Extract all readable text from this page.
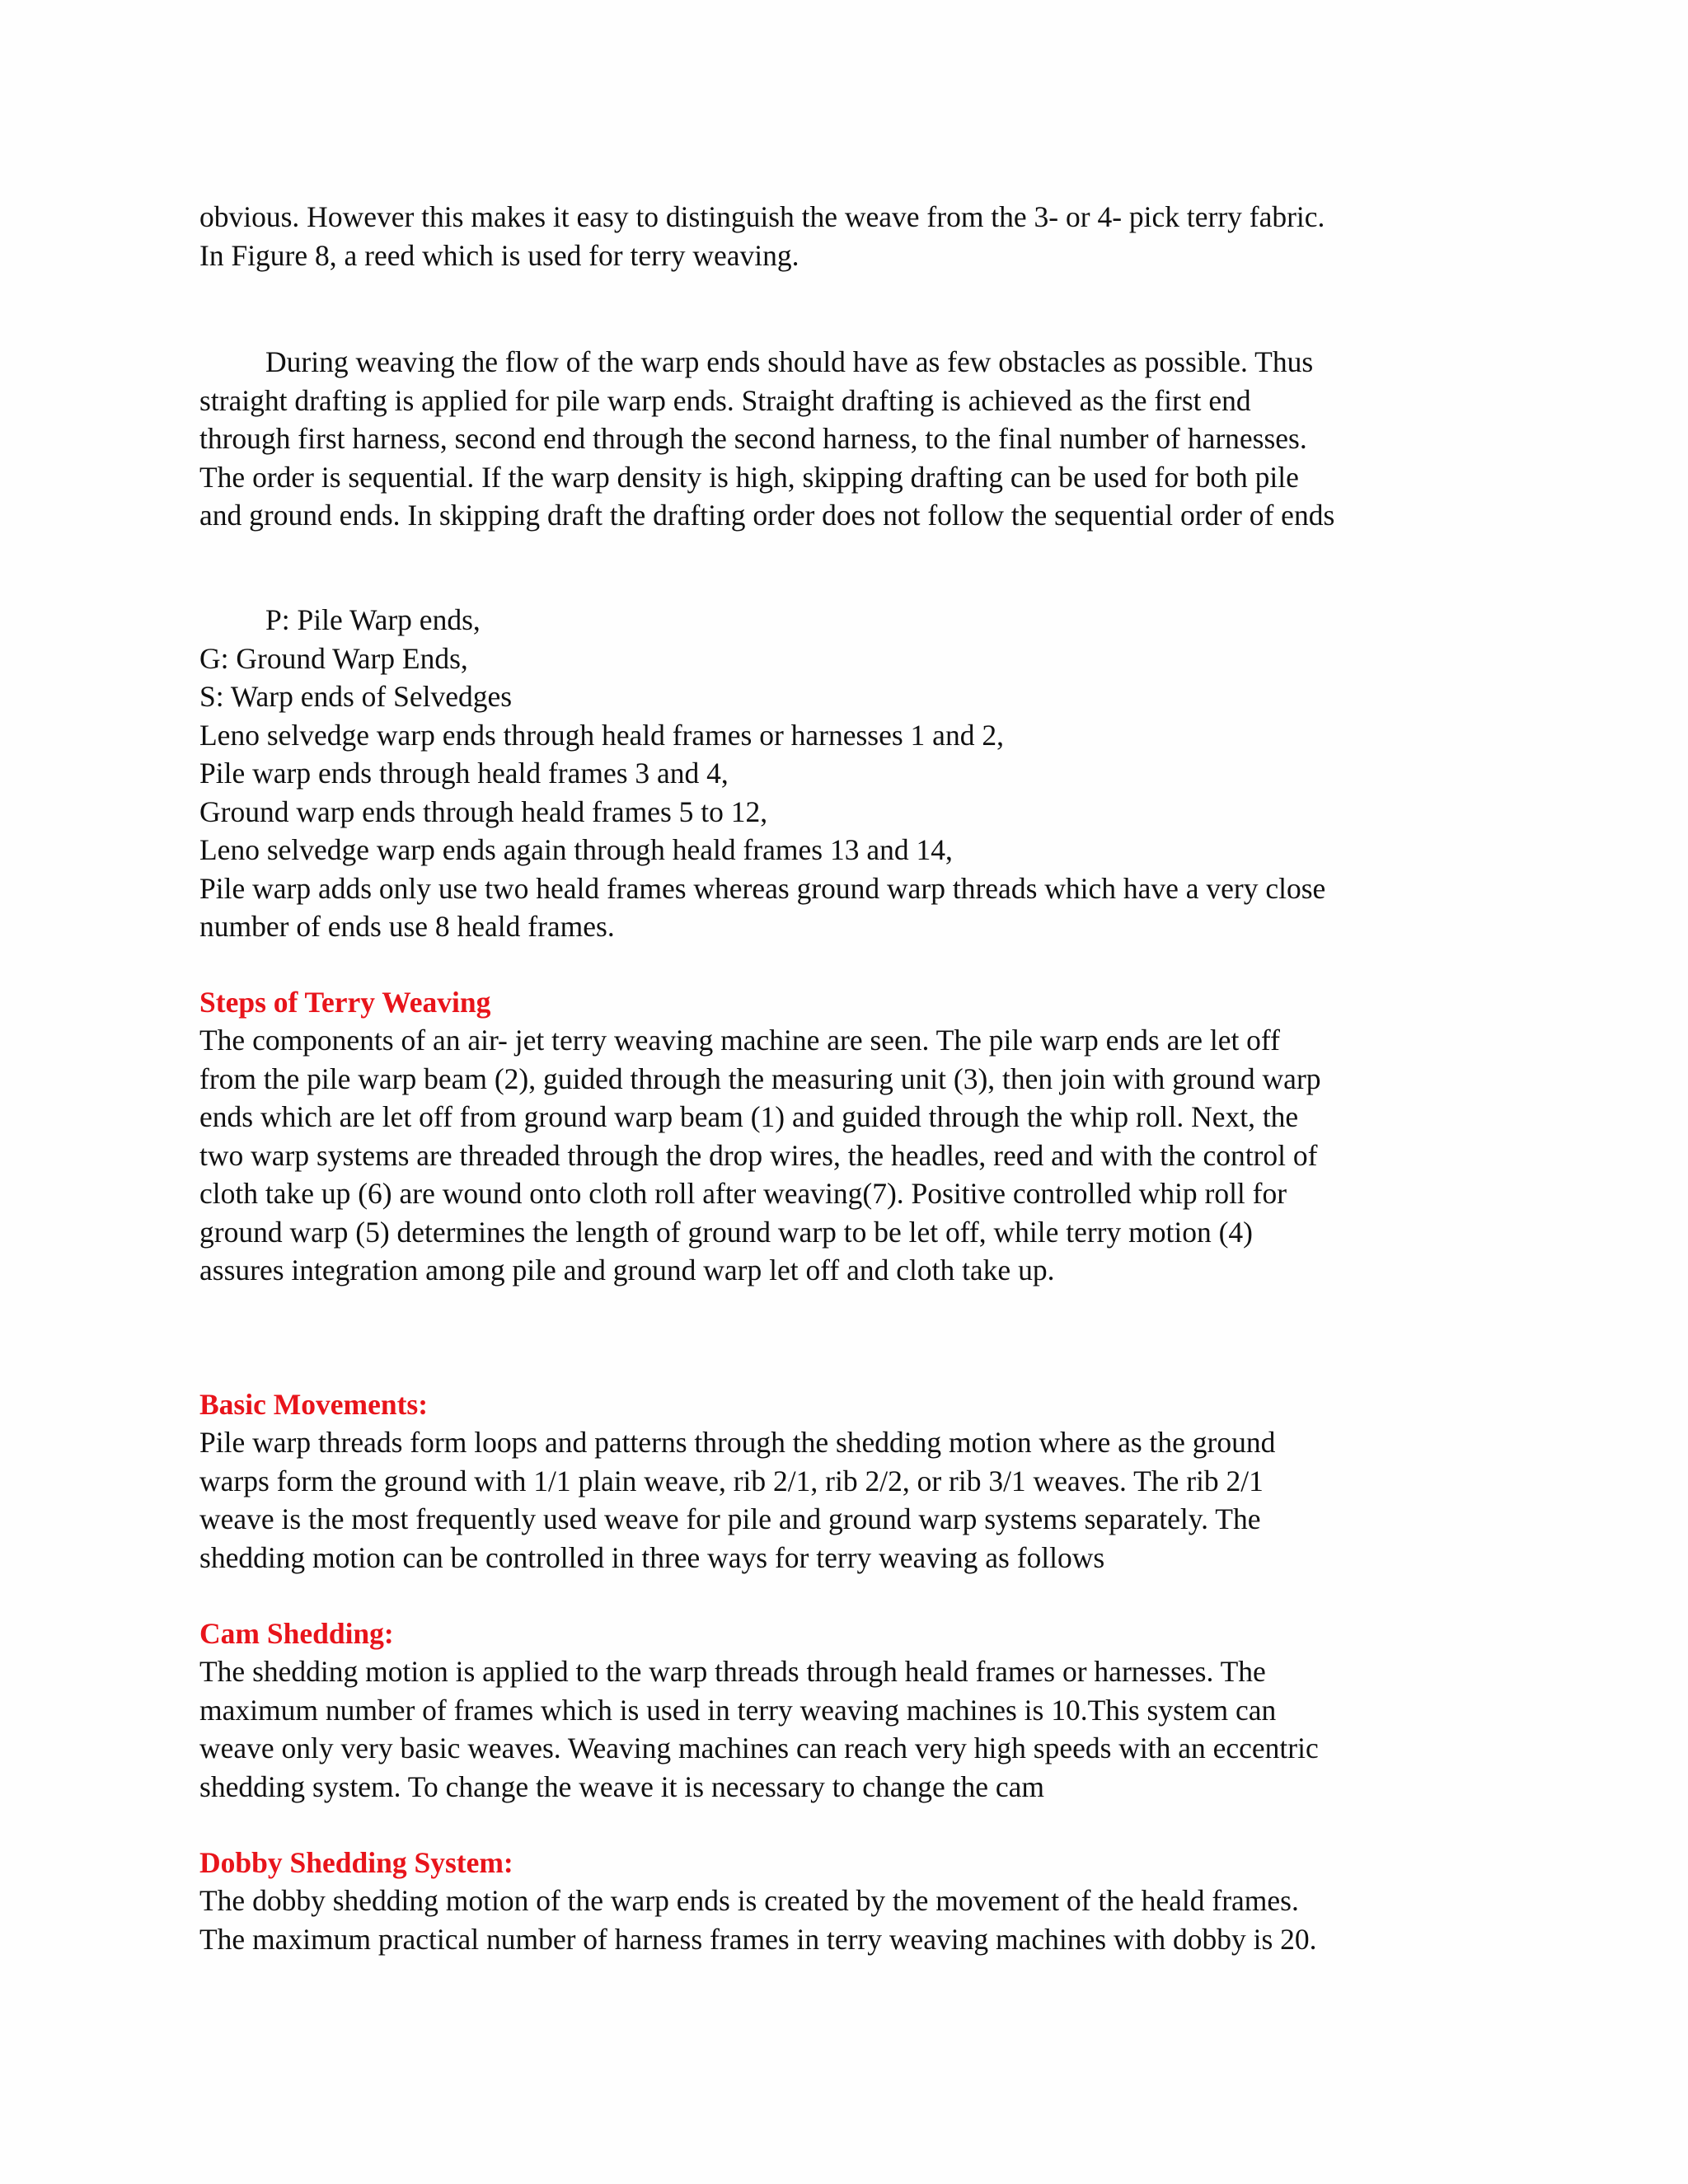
obvious. However this makes it easy to distinguish the weave from the 3- or 4- pick terry fabric.
In Figure 8, a reed which is used for terry weaving.
During weaving the flow of the warp ends should have as few obstacles as possible. Thus
straight drafting is applied for pile warp ends. Straight drafting is achieved as the first end
through first harness, second end through the second harness, to the final number of harnesses.
The order is sequential. If the warp density is high, skipping drafting can be used for both pile
and ground ends. In skipping draft the drafting order does not follow the sequential order of ends
P: Pile Warp ends,
G: Ground Warp Ends,
S: Warp ends of Selvedges
Leno selvedge warp ends through heald frames or harnesses 1 and 2,
Pile warp ends through heald frames 3 and 4,
Ground warp ends through heald frames 5 to 12,
Leno selvedge warp ends again through heald frames 13 and 14,
Pile warp adds only use two heald frames whereas ground warp threads which have a very close
number of ends use 8 heald frames.
Steps of Terry Weaving
The components of an air- jet terry weaving machine are seen. The pile warp ends are let off
from the pile warp beam (2), guided through the measuring unit (3), then join with ground warp
ends which are let off from ground warp beam (1) and guided through the whip roll. Next, the
two warp systems are threaded through the drop wires, the headles, reed and with the control of
cloth take up (6) are wound onto cloth roll after weaving(7). Positive controlled whip roll for
ground warp (5) determines the length of ground warp to be let off, while terry motion (4)
assures integration among pile and ground warp let off and cloth take up.
Basic Movements:
Pile warp threads form loops and patterns through the shedding motion where as the ground
warps form the ground with 1/1 plain weave, rib 2/1, rib 2/2, or rib 3/1 weaves. The rib 2/1
weave is the most frequently used weave for pile and ground warp systems separately. The
shedding motion can be controlled in three ways for terry weaving as follows
Cam Shedding:
The shedding motion is applied to the warp threads through heald frames or harnesses. The
maximum number of frames which is used in terry weaving machines is 10.This system can
weave only very basic weaves. Weaving machines can reach very high speeds with an eccentric
shedding system. To change the weave it is necessary to change the cam
Dobby Shedding System:
The dobby shedding motion of the warp ends is created by the movement of the heald frames.
The maximum practical number of harness frames in terry weaving machines with dobby is 20.
